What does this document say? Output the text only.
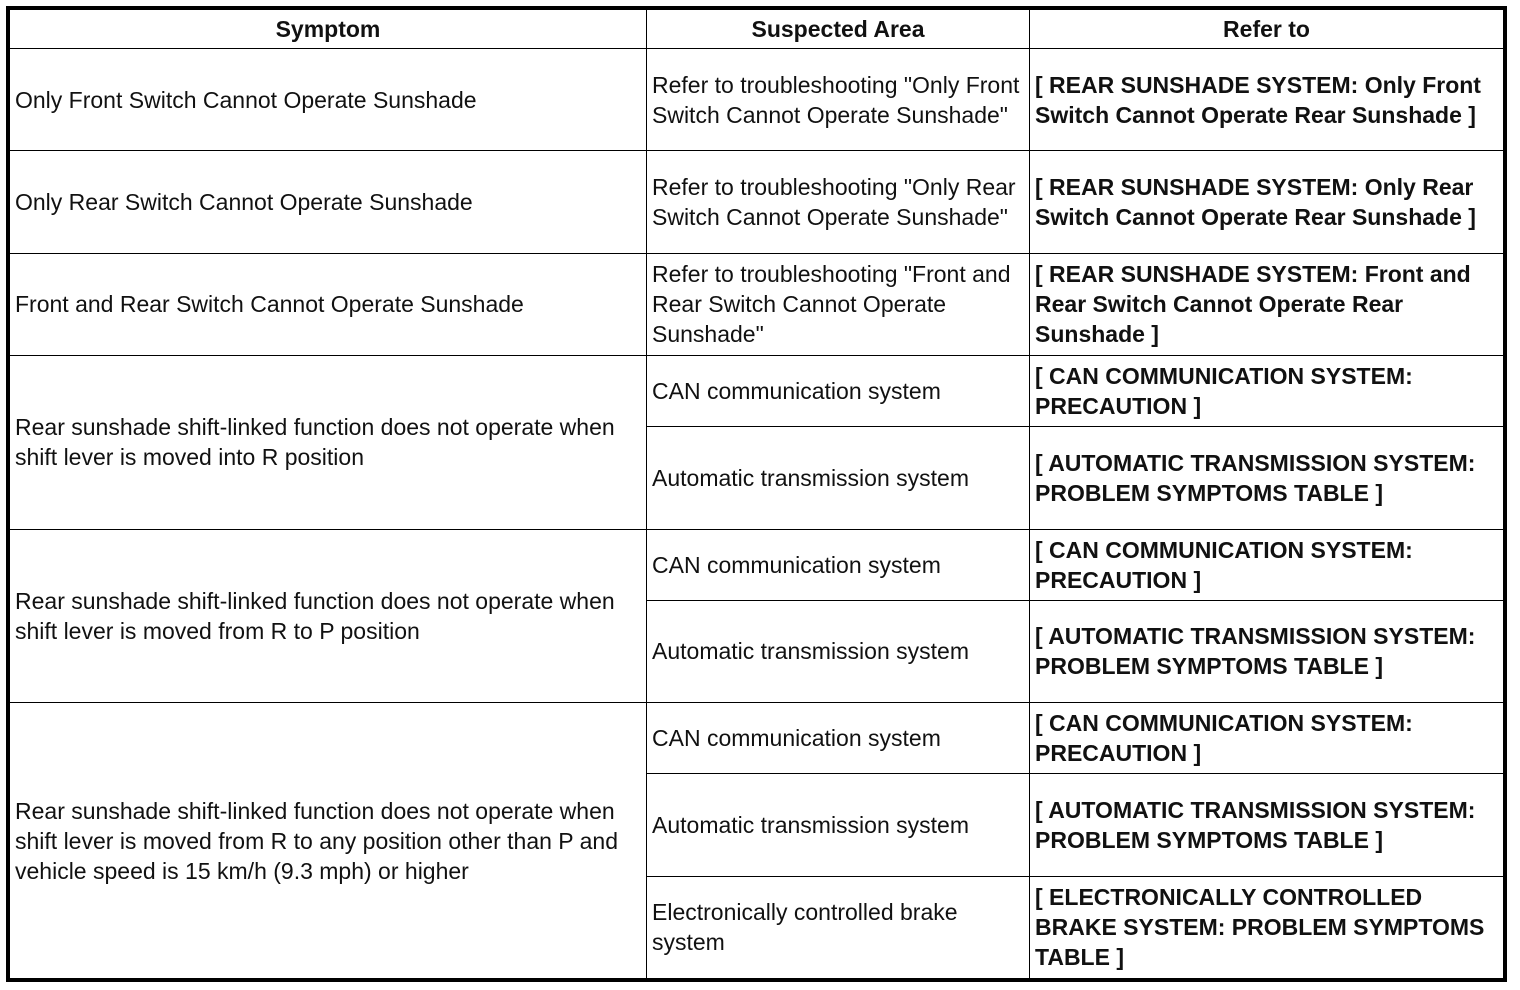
Symptom	Suspected Area	Refer to
Only Front Switch Cannot Operate Sunshade	Refer to troubleshooting "Only Front Switch Cannot Operate Sunshade"	[ REAR SUNSHADE SYSTEM: Only Front Switch Cannot Operate Rear Sunshade ]
Only Rear Switch Cannot Operate Sunshade	Refer to troubleshooting "Only Rear Switch Cannot Operate Sunshade"	[ REAR SUNSHADE SYSTEM: Only Rear Switch Cannot Operate Rear Sunshade ]
Front and Rear Switch Cannot Operate Sunshade	Refer to troubleshooting "Front and Rear Switch Cannot Operate Sunshade"	[ REAR SUNSHADE SYSTEM: Front and Rear Switch Cannot Operate Rear Sunshade ]
Rear sunshade shift-linked function does not operate when shift lever is moved into R position	CAN communication system	[ CAN COMMUNICATION SYSTEM: PRECAUTION ]
	Automatic transmission system	[ AUTOMATIC TRANSMISSION SYSTEM: PROBLEM SYMPTOMS TABLE ]
Rear sunshade shift-linked function does not operate when shift lever is moved from R to P position	CAN communication system	[ CAN COMMUNICATION SYSTEM: PRECAUTION ]
	Automatic transmission system	[ AUTOMATIC TRANSMISSION SYSTEM: PROBLEM SYMPTOMS TABLE ]
Rear sunshade shift-linked function does not operate when shift lever is moved from R to any position other than P and vehicle speed is 15 km/h (9.3 mph) or higher	CAN communication system	[ CAN COMMUNICATION SYSTEM: PRECAUTION ]
	Automatic transmission system	[ AUTOMATIC TRANSMISSION SYSTEM: PROBLEM SYMPTOMS TABLE ]
	Electronically controlled brake system	[ ELECTRONICALLY CONTROLLED BRAKE SYSTEM: PROBLEM SYMPTOMS TABLE ]
